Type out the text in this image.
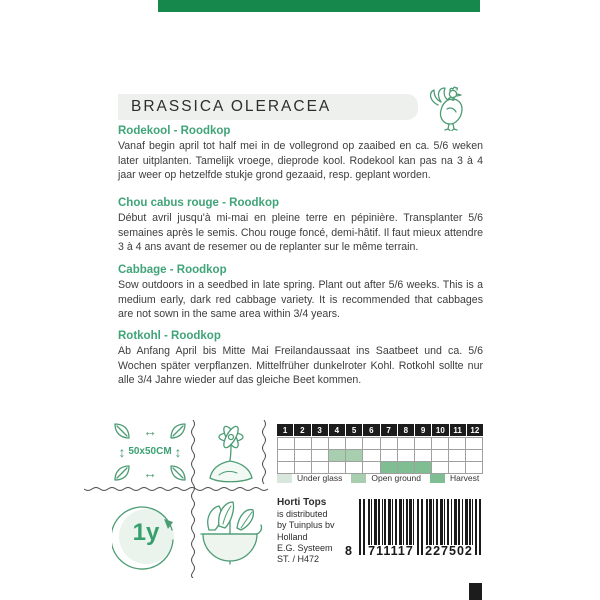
BRASSICA OLERACEA
Rodekool - Roodkop

Vanaf begin april tot half mei in de vollegrond op zaaibed en ca. 5/6 weken later uitplanten. Tamelijk vroege, dieprode kool. Rodekool kan pas na 3 à 4 jaar weer op hetzelfde stukje grond gezaaid, resp. geplant worden.

Chou cabus rouge - Roodkop

Début avril jusqu'à mi-mai en pleine terre en pépinière. Transplanter 5/6 semaines après le semis. Chou rouge foncé, demi-hâtif. Il faut mieux attendre 3 à 4 ans avant de resemer ou de replanter sur le même terrain.

Cabbage - Roodkop

Sow outdoors in a seedbed in late spring. Plant out after 5/6 weeks. This is a medium early, dark red cabbage variety. It is recommended that cabbages are not sown in the same area within 3/4 years.

Rotkohl - Roodkop

Ab Anfang April bis Mitte Mai Freilandaussaat ins Saatbeet und ca. 5/6 Wochen später verpflanzen. Mittelfrüher dunkelroter Kohl. Rotkohl sollte nur alle 3/4 Jahre wieder auf das gleiche Beet kommen.

↔
↕ 50x50 CM ↕
↔
1y
1	2	3	4	5	6	7	8	9	10	11	12
Under glass	Open ground	Harvest
Horti Tops
is distributed
by Tuinplus bv
Holland
E.G. Systeem
ST. / H472
8	711117 227502
